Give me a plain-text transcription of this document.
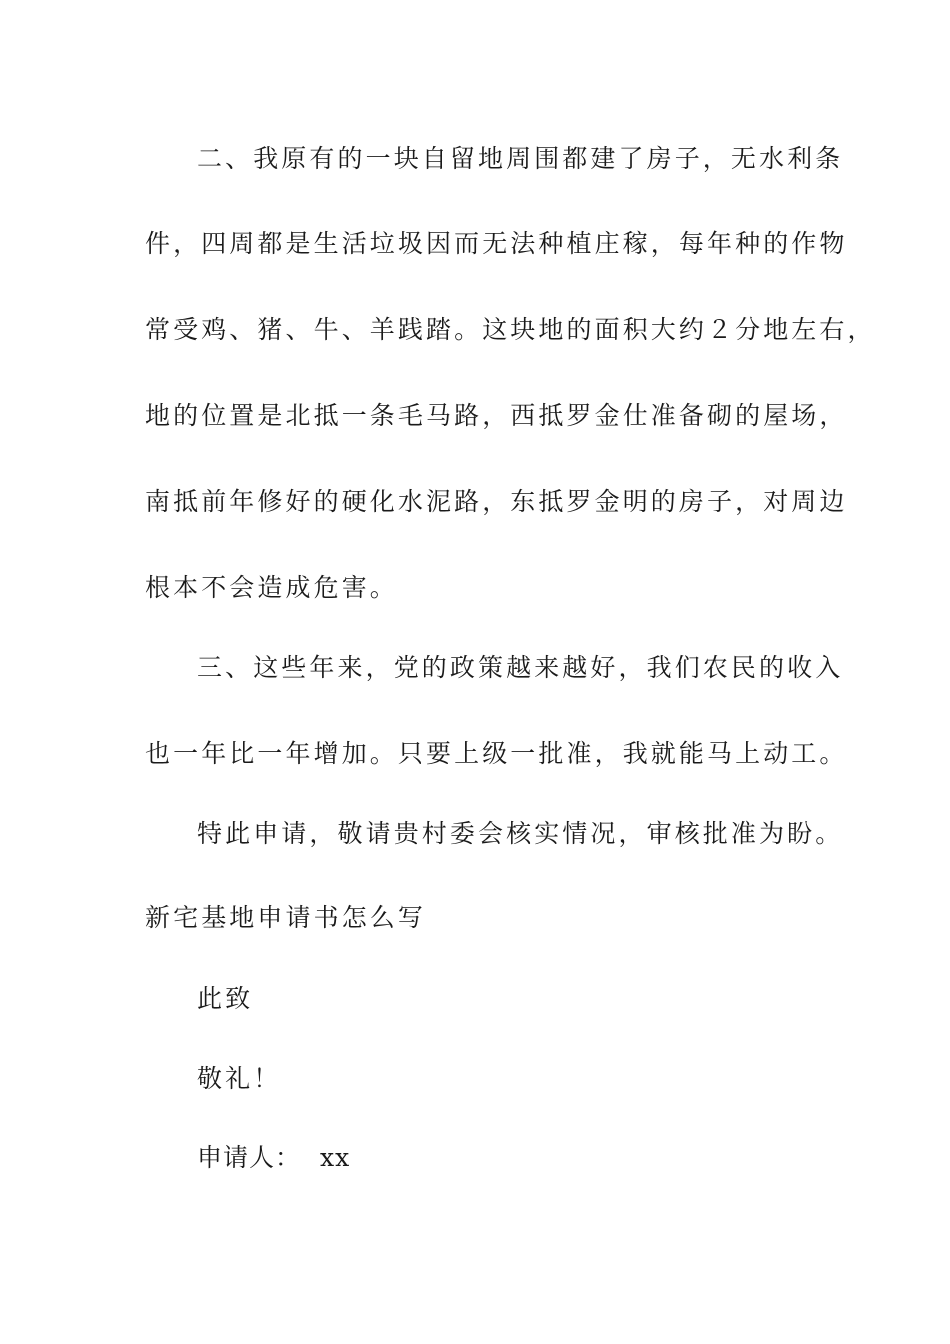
二、我原有的一块自留地周围都建了房子，无水利条
件，四周都是生活垃圾因而无法种植庄稼，每年种的作物
常受鸡、猪、牛、羊践踏。这块地的面积大约２分地左右，
地的位置是北抵一条毛马路，西抵罗金仕准备砌的屋场，
南抵前年修好的硬化水泥路，东抵罗金明的房子，对周边
根本不会造成危害。
三、这些年来，党的政策越来越好，我们农民的收入
也一年比一年增加。只要上级一批准，我就能马上动工。
特此申请，敬请贵村委会核实情况，审核批准为盼。
新宅基地申请书怎么写
此致
敬礼！
申请人： xx
